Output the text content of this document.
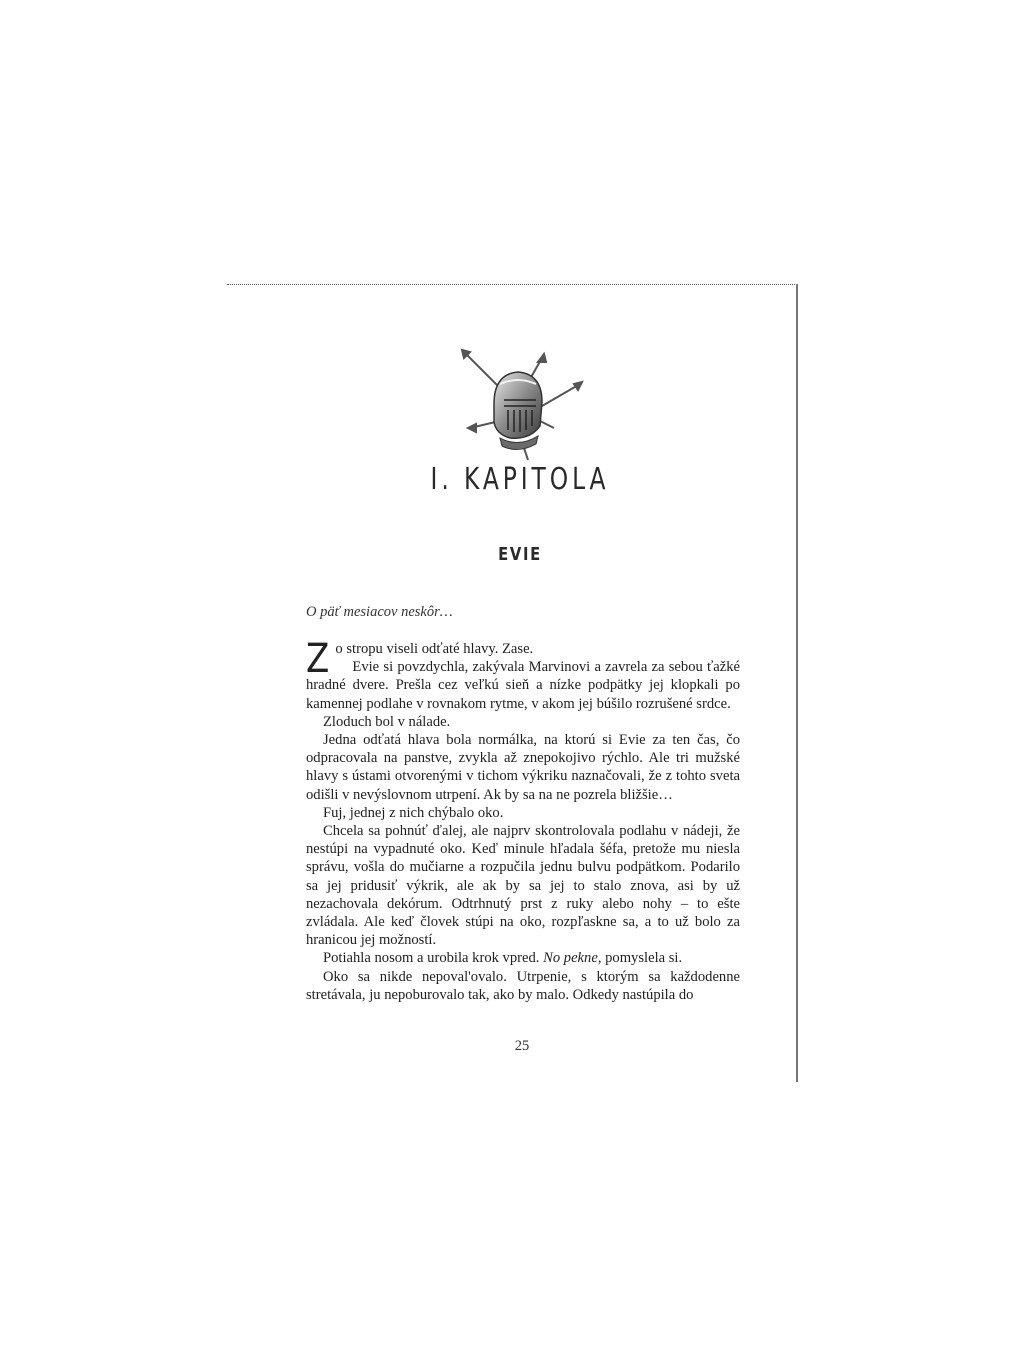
I. KAPITOLA
EVIE
O päť mesiacov neskôr…

Zo stropu viseli odťaté hlavy. Zase.

Evie si povzdychla, zakývala Marvinovi a zavrela za sebou ťažké hradné dvere. Prešla cez veľkú sieň a nízke podpätky jej klopkali po kamennej podlahe v rovnakom rytme, v akom jej búšilo rozrušené srdce.

Zloduch bol v nálade.

Jedna odťatá hlava bola normálka, na ktorú si Evie za ten čas, čo odpracovala na panstve, zvykla až znepokojivo rýchlo. Ale tri mužské hlavy s ústami otvorenými v tichom výkriku naznačovali, že z tohto sveta odišli v nevýslovnom utrpení. Ak by sa na ne pozrela bližšie…

Fuj, jednej z nich chýbalo oko.

Chcela sa pohnúť ďalej, ale najprv skontrolovala podlahu v nádeji, že nestúpi na vypadnuté oko. Keď minule hľadala šéfa, pretože mu niesla správu, vošla do mučiarne a rozpučila jednu bulvu podpätkom. Podarilo sa jej pridusiť výkrik, ale ak by sa jej to stalo znova, asi by už nezachovala dekórum. Odtrhnutý prst z ruky alebo nohy – to ešte zvládala. Ale keď človek stúpi na oko, rozpľaskne sa, a to už bolo za hranicou jej možností.

Potiahla nosom a urobila krok vpred. No pekne, pomyslela si.

Oko sa nikde nepoval'ovalo. Utrpenie, s ktorým sa každodenne stretávala, ju nepoburovalo tak, ako by malo. Odkedy nastúpila do

25
